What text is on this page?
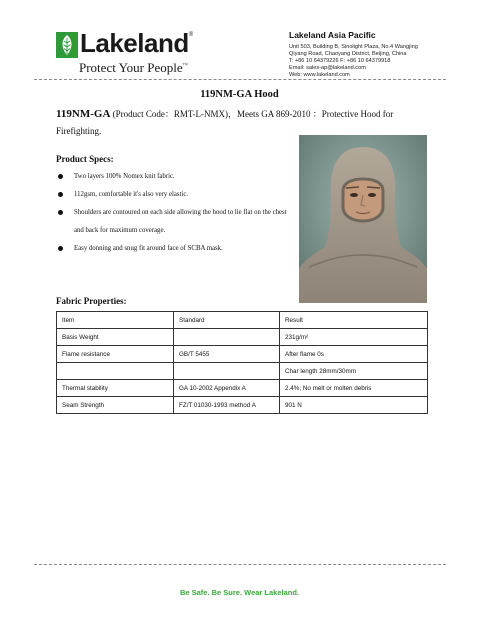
Lakeland®
Protect Your People™
Lakeland Asia Pacific
Unit 503, Building B, Sinolight Plaza, No.4 Wangjing
Qiyang Road, Chaoyang District, Beijing, China
T: +86 10 64379226 F: +86 10 64379918
Email: sales-ap@lakeland.com
Web: www.lakeland.com
119NM-GA Hood
119NM-GA (Product Code：RMT-L-NMX)，Meets GA 869-2010 ：Protective Hood for Firefighting.
Product Specs:
Two layers 100% Nomex knit fabric.
112gsm, comfortable it's also very elastic.
Shoulders are contoured on each side allowing the hood to lie flat on the chest and back for maximum coverage.
Easy donning and snug fit around face of SCBA mask.
Fabric Properties:
Item	Standard	Result
Basis Weight		231g/m²
Flame resistance	GB/T 5455	After flame 0s
		Char length 28mm/30mm
Thermal stability	GA 10-2002 Appendix A	2.4%; No melt or molten debris
Seam Strength	FZ/T 01030-1993 method A	901 N
Be Safe. Be Sure. Wear Lakeland.
